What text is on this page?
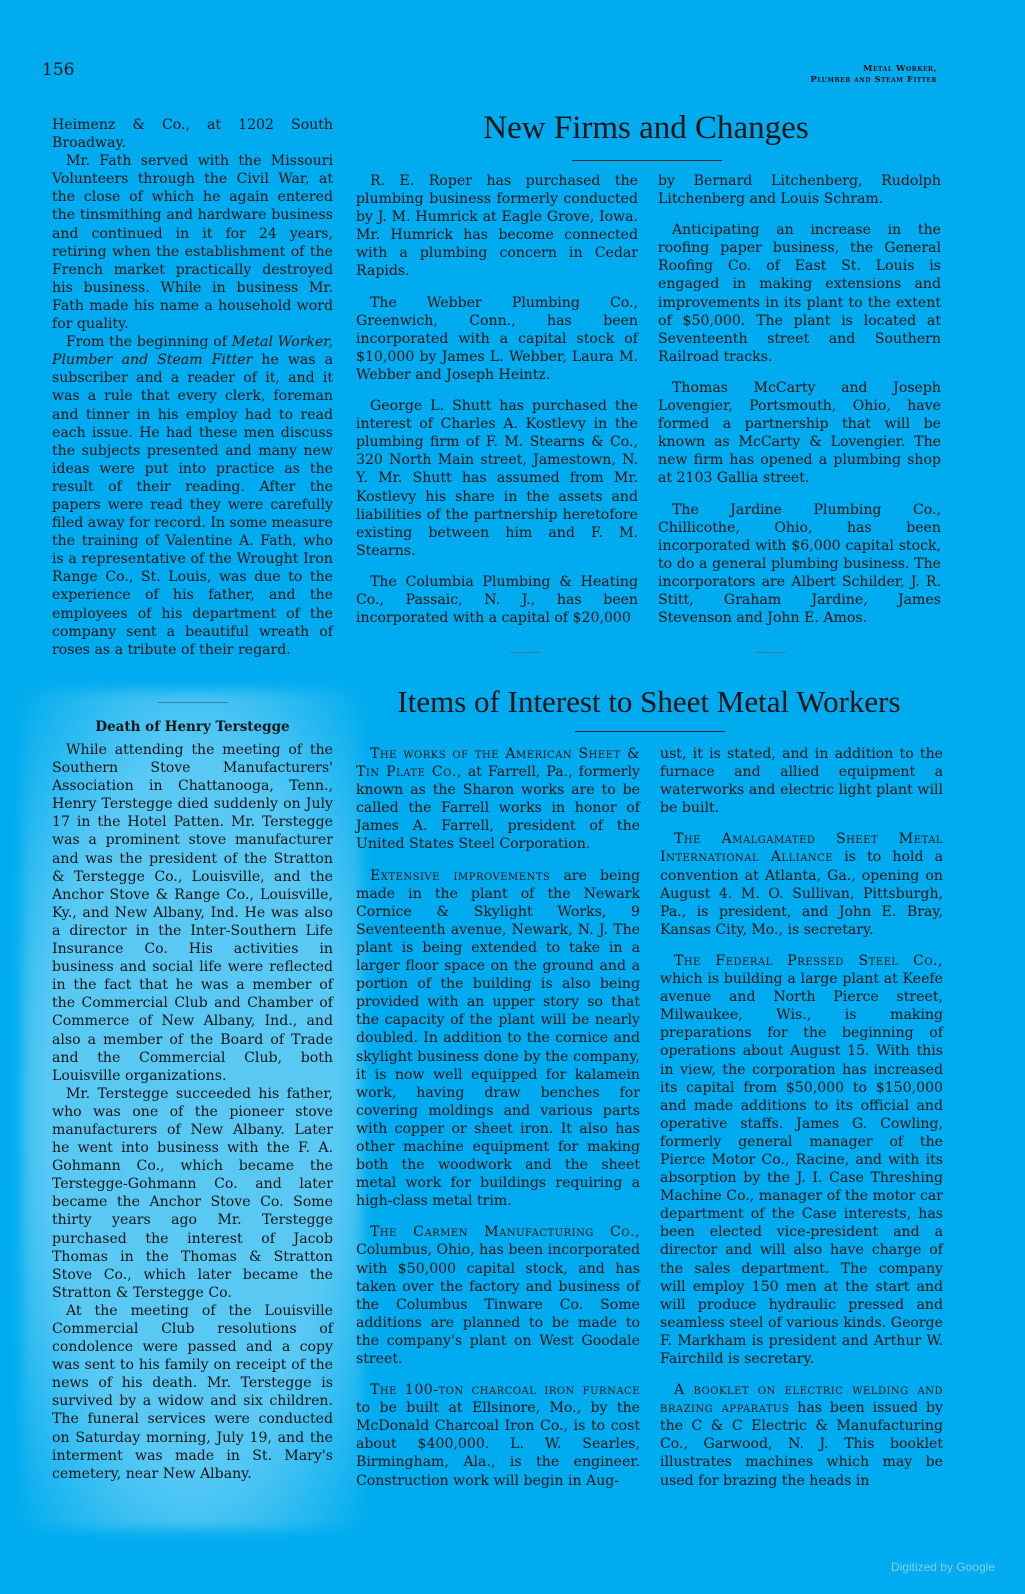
156	Metal Worker,
Plumber and Steam Fitter

Heimenz & Co., at 1202 South Broadway.

Mr. Fath served with the Missouri Volunteers through the Civil War, at the close of which he again entered the tinsmithing and hardware business and continued in it for 24 years, retiring when the establishment of the French market practically destroyed his business. While in business Mr. Fath made his name a household word for quality.

From the beginning of Metal Worker, Plumber and Steam Fitter he was a subscriber and a reader of it, and it was a rule that every clerk, foreman and tinner in his employ had to read each issue. He had these men discuss the subjects presented and many new ideas were put into practice as the result of their reading. After the papers were read they were carefully filed away for record. In some measure the training of Valentine A. Fath, who is a representative of the Wrought Iron Range Co., St. Louis, was due to the experience of his father, and the employees of his department of the company sent a beautiful wreath of roses as a tribute of their regard.

Death of Henry Terstegge

While attending the meeting of the Southern Stove Manufacturers' Association in Chattanooga, Tenn., Henry Terstegge died suddenly on July 17 in the Hotel Patten. Mr. Terstegge was a prominent stove manufacturer and was the president of the Stratton & Terstegge Co., Louisville, and the Anchor Stove & Range Co., Louisville, Ky., and New Albany, Ind. He was also a director in the Inter-Southern Life Insurance Co. His activities in business and social life were reflected in the fact that he was a member of the Commercial Club and Chamber of Commerce of New Albany, Ind., and also a member of the Board of Trade and the Commercial Club, both Louisville organizations.

Mr. Terstegge succeeded his father, who was one of the pioneer stove manufacturers of New Albany. Later he went into business with the F. A. Gohmann Co., which became the Terstegge-Gohmann Co. and later became the Anchor Stove Co. Some thirty years ago Mr. Terstegge purchased the interest of Jacob Thomas in the Thomas & Stratton Stove Co., which later became the Stratton & Terstegge Co.

At the meeting of the Louisville Commercial Club resolutions of condolence were passed and a copy was sent to his family on receipt of the news of his death. Mr. Terstegge is survived by a widow and six children. The funeral services were conducted on Saturday morning, July 19, and the interment was made in St. Mary's cemetery, near New Albany.

New Firms and Changes

R. E. Roper has purchased the plumbing business formerly conducted by J. M. Humrick at Eagle Grove, Iowa. Mr. Humrick has become connected with a plumbing concern in Cedar Rapids.

The Webber Plumbing Co., Greenwich, Conn., has been incorporated with a capital stock of $10,000 by James L. Webber, Laura M. Webber and Joseph Heintz.

George L. Shutt has purchased the interest of Charles A. Kostlevy in the plumbing firm of F. M. Stearns & Co., 320 North Main street, Jamestown, N. Y. Mr. Shutt has assumed from Mr. Kostlevy his share in the assets and liabilities of the partnership heretofore existing between him and F. M. Stearns.

The Columbia Plumbing & Heating Co., Passaic, N. J., has been incorporated with a capital of $20,000

by Bernard Litchenberg, Rudolph Litchenberg and Louis Schram.

Anticipating an increase in the roofing paper business, the General Roofing Co. of East St. Louis is engaged in making extensions and improvements in its plant to the extent of $50,000. The plant is located at Seventeenth street and Southern Railroad tracks.

Thomas McCarty and Joseph Lovengier, Portsmouth, Ohio, have formed a partnership that will be known as McCarty & Lovengier. The new firm has opened a plumbing shop at 2103 Gallia street.

The Jardine Plumbing Co., Chillicothe, Ohio, has been incorporated with $6,000 capital stock, to do a general plumbing business. The incorporators are Albert Schilder, J. R. Stitt, Graham Jardine, James Stevenson and John E. Amos.

Items of Interest to Sheet Metal Workers

The works of the American Sheet & Tin Plate Co., at Farrell, Pa., formerly known as the Sharon works are to be called the Farrell works in honor of James A. Farrell, president of the United States Steel Corporation.

Extensive improvements are being made in the plant of the Newark Cornice & Skylight Works, 9 Seventeenth avenue, Newark, N. J. The plant is being extended to take in a larger floor space on the ground and a portion of the building is also being provided with an upper story so that the capacity of the plant will be nearly doubled. In addition to the cornice and skylight business done by the company, it is now well equipped for kalamein work, having draw benches for covering moldings and various parts with copper or sheet iron. It also has other machine equipment for making both the woodwork and the sheet metal work for buildings requiring a high-class metal trim.

The Carmen Manufacturing Co., Columbus, Ohio, has been incorporated with $50,000 capital stock, and has taken over the factory and business of the Columbus Tinware Co. Some additions are planned to be made to the company's plant on West Goodale street.

The 100-ton charcoal iron furnace to be built at Ellsinore, Mo., by the McDonald Charcoal Iron Co., is to cost about $400,000. L. W. Searles, Birmingham, Ala., is the engineer. Construction work will begin in Aug-

ust, it is stated, and in addition to the furnace and allied equipment a waterworks and electric light plant will be built.

The Amalgamated Sheet Metal International Alliance is to hold a convention at Atlanta, Ga., opening on August 4. M. O. Sullivan, Pittsburgh, Pa., is president, and John E. Bray, Kansas City, Mo., is secretary.

The Federal Pressed Steel Co., which is building a large plant at Keefe avenue and North Pierce street, Milwaukee, Wis., is making preparations for the beginning of operations about August 15. With this in view, the corporation has increased its capital from $50,000 to $150,000 and made additions to its official and operative staffs. James G. Cowling, formerly general manager of the Pierce Motor Co., Racine, and with its absorption by the J. I. Case Threshing Machine Co., manager of the motor car department of the Case interests, has been elected vice-president and a director and will also have charge of the sales department. The company will employ 150 men at the start and will produce hydraulic pressed and seamless steel of various kinds. George F. Markham is president and Arthur W. Fairchild is secretary.

A booklet on electric welding and brazing apparatus has been issued by the C & C Electric & Manufacturing Co., Garwood, N. J. This booklet illustrates machines which may be used for brazing the heads in

Digitized by Google
